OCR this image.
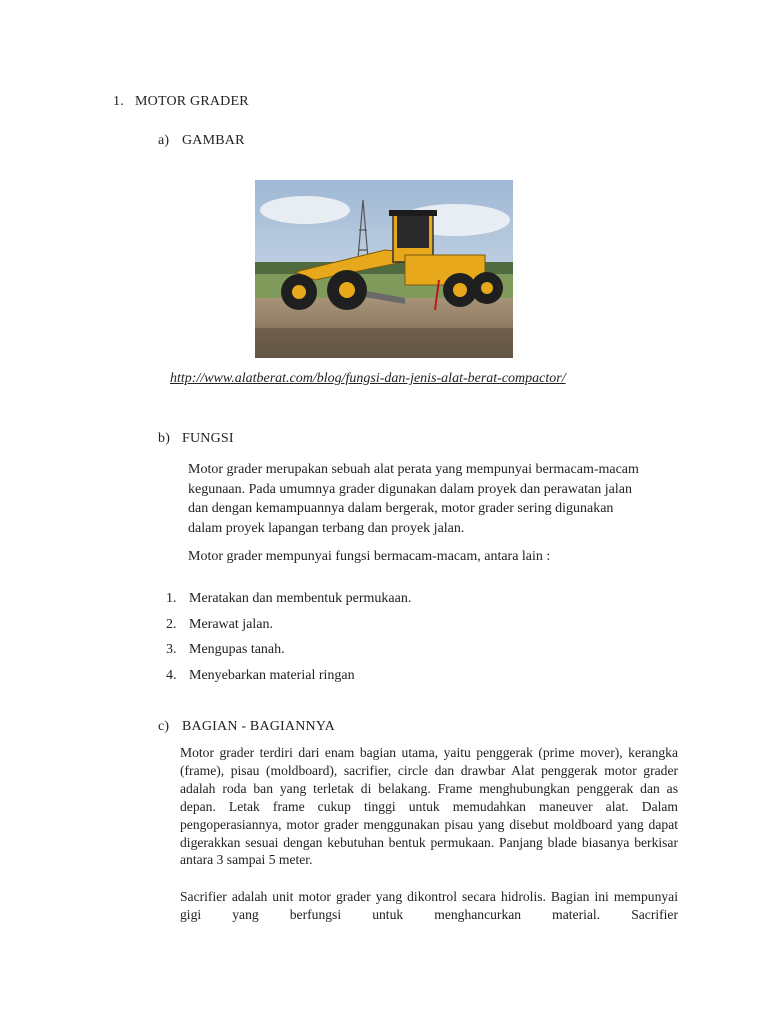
1. MOTOR GRADER
a) GAMBAR
http://www.alatberat.com/blog/fungsi-dan-jenis-alat-berat-compactor/
b) FUNGSI
Motor grader merupakan sebuah alat perata yang mempunyai bermacam-macam
kegunaan. Pada umumnya grader digunakan dalam proyek dan perawatan jalan
dan dengan kemampuannya dalam bergerak, motor grader sering digunakan
dalam proyek lapangan terbang dan proyek jalan.
Motor grader mempunyai fungsi bermacam-macam, antara lain :
1. Meratakan dan membentuk permukaan.
2. Merawat jalan.
3. Mengupas tanah.
4. Menyebarkan material ringan
c) BAGIAN - BAGIANNYA
Motor grader terdiri dari enam bagian utama, yaitu penggerak (prime mover), kerangka (frame), pisau (moldboard), sacrifier, circle dan drawbar Alat penggerak motor grader adalah roda ban yang terletak di belakang. Frame menghubungkan penggerak dan as depan. Letak frame cukup tinggi untuk memudahkan maneuver alat. Dalam pengoperasiannya, motor grader menggunakan pisau yang disebut moldboard yang dapat digerakkan sesuai dengan kebutuhan bentuk permukaan. Panjang blade biasanya berkisar antara 3 sampai 5 meter.
Sacrifier adalah unit motor grader yang dikontrol secara hidrolis. Bagian ini mempunyai gigi yang berfungsi untuk menghancurkan material. Sacrifier
